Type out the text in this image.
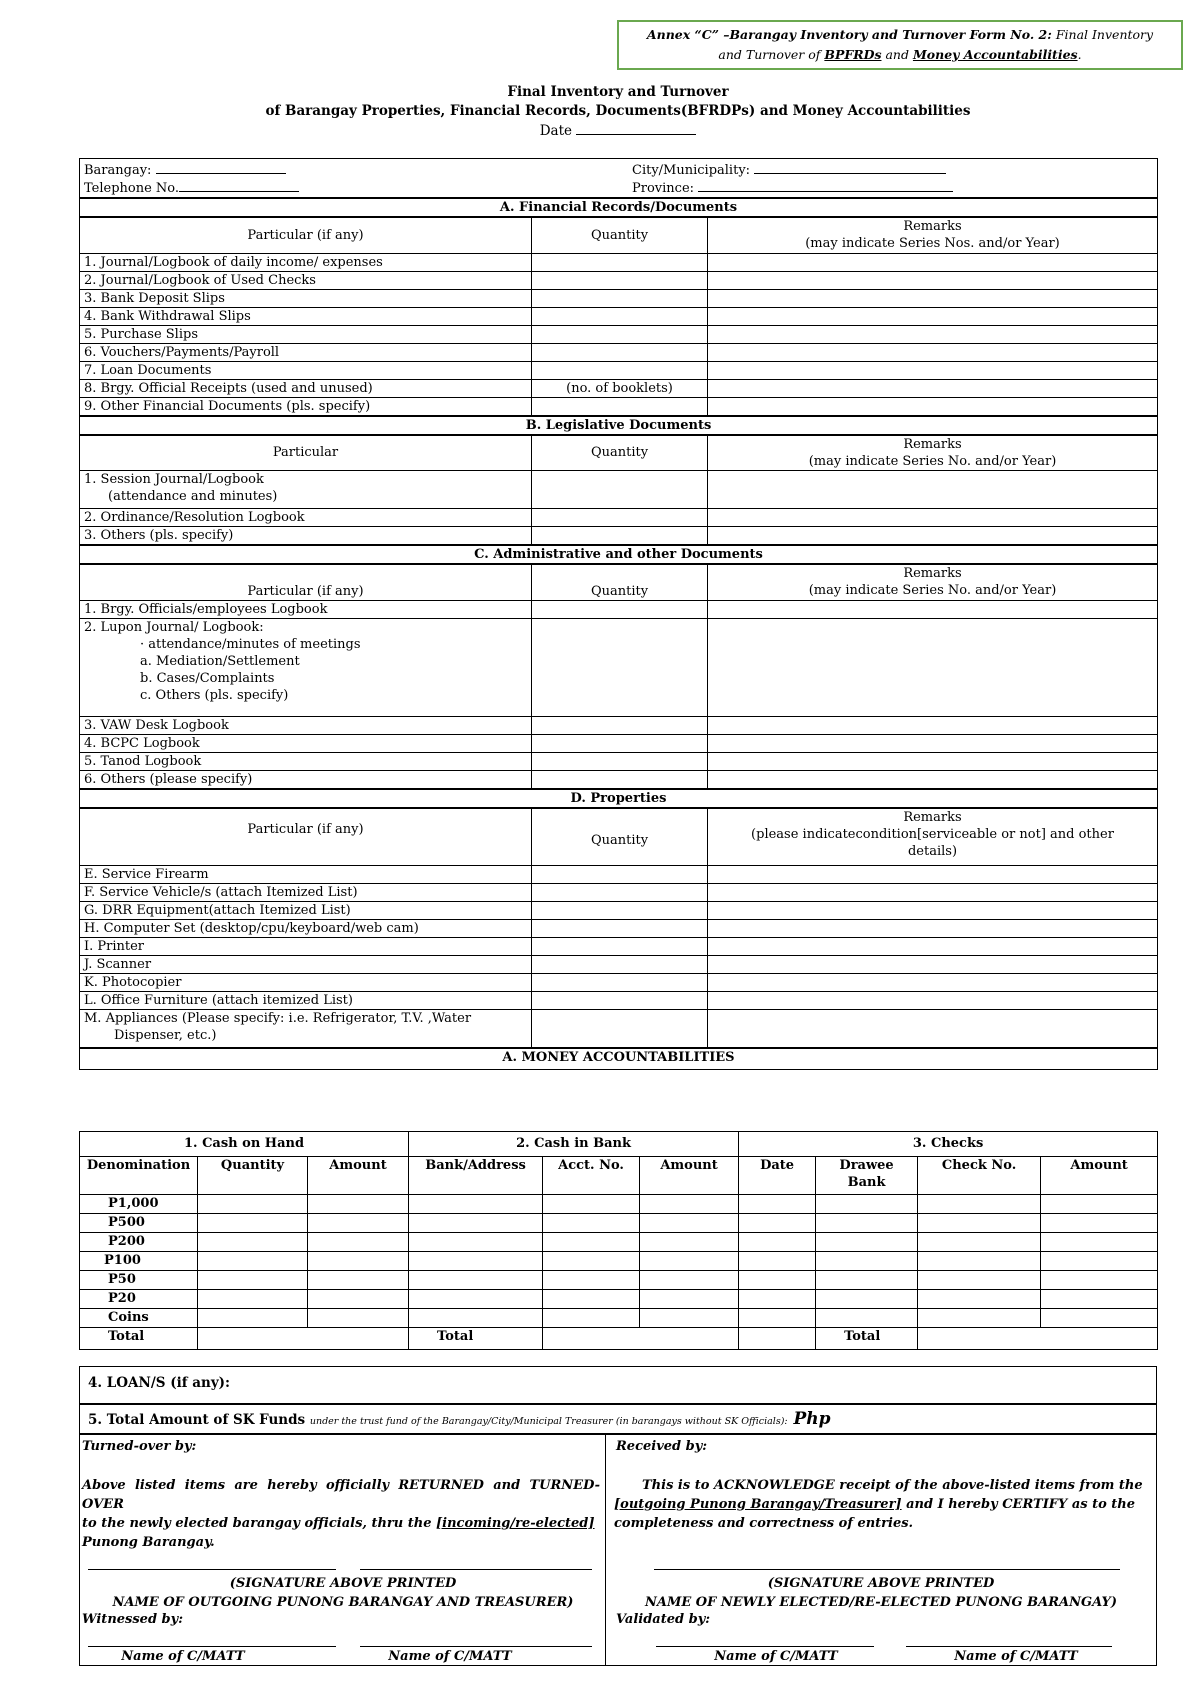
Annex “C” –Barangay Inventory and Turnover Form No. 2: Final Inventory
and Turnover of BPFRDs and Money Accountabilities.
Final Inventory and Turnover
of Barangay Properties, Financial Records, Documents(BFRDPs) and Money Accountabilities
Date
Barangay:
Telephone No.
City/Municipality:
Province:		

A. Financial Records/Documents		
Particular (if any)	Quantity	Remarks
(may indicate Series Nos. and/or Year)

1. Journal/Logbook of daily income/ expenses		
2. Journal/Logbook of Used Checks		
3. Bank Deposit Slips		
4. Bank Withdrawal Slips		
5. Purchase Slips		
6. Vouchers/Payments/Payroll		
7. Loan Documents		
8. Brgy. Official Receipts (used and unused)	(no. of booklets)	
9. Other Financial Documents (pls. specify)		
B. Legislative Documents		
Particular	Quantity	Remarks
(may indicate Series No. and/or Year)

1. Session Journal/Logbook
(attendance and minutes)		

2. Ordinance/Resolution Logbook		
3. Others (pls. specify)		
C. Administrative and other Documents		
Particular (if any)	Quantity	Remarks
(may indicate Series No. and/or Year)

1. Brgy. Officials/employees Logbook		

2. Lupon Journal/ Logbook:
· attendance/minutes of meetings
a. Mediation/Settlement
b. Cases/Complaints
c. Others (pls. specify)		

3. VAW Desk Logbook		
4. BCPC Logbook		
5. Tanod Logbook		
6. Others (please specify)		
D. Properties		
Particular (if any)	Quantity	Remarks
(please indicatecondition[serviceable or not] and other
details)

E. Service Firearm		
F. Service Vehicle/s (attach Itemized List)		
G. DRR Equipment(attach Itemized List)		
H. Computer Set (desktop/cpu/keyboard/web cam)		
I. Printer		
J. Scanner		
K. Photocopier		
L. Office Furniture (attach itemized List)		

M. Appliances (Please specify: i.e. Refrigerator, T.V. ,Water
Dispenser, etc.)		

A. MONEY ACCOUNTABILITIES		
1. Cash on Hand			2. Cash in Bank			3. Checks			
Denomination	Quantity	Amount	Bank/Address	Acct. No.	Amount	Date	Drawee Bank	Check No.	Amount
P1,000									
P500									
P200									
P100									
P50									
P20									
Coins									
Total			Total				Total		
4. LOAN/S (if any):
5. Total Amount of SK Funds under the trust fund of the Barangay/City/Municipal Treasurer (in barangays without SK Officials): Php
Turned-over by:
Above listed items are hereby officially RETURNED and TURNED-OVER
to the newly elected barangay officials, thru the [incoming/re-elected]
Punong Barangay.
(SIGNATURE ABOVE PRINTED
NAME OF OUTGOING PUNONG BARANGAY AND TREASURER)
Witnessed by:
Name of C/MATT	Name of C/MATT
Received by:
This is to ACKNOWLEDGE receipt of the above-listed items from the
[outgoing Punong Barangay/Treasurer] and I hereby CERTIFY as to the
completeness and correctness of entries.
(SIGNATURE ABOVE PRINTED
NAME OF NEWLY ELECTED/RE-ELECTED PUNONG BARANGAY)
Validated by:
Name of C/MATT	Name of C/MATT
